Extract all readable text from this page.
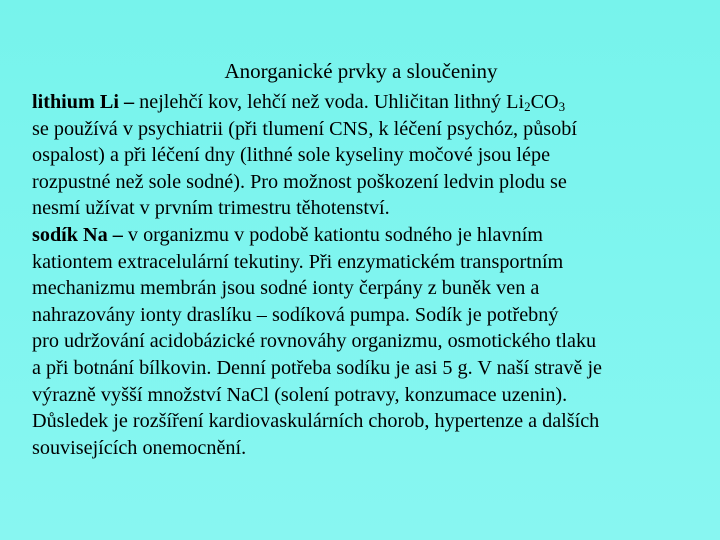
Anorganické prvky a sloučeniny
lithium Li – nejlehčí kov, lehčí než voda. Uhličitan lithný $Li_2CO_3$
se používá v psychiatrii (při tlumení CNS, k léčení psychóz, působí
ospalost) a při léčení dny (lithné sole kyseliny močové jsou lépe
rozpustné než sole sodné). Pro možnost poškození ledvin plodu se
nesmí užívat v prvním trimestru těhotenství.
sodík Na – v organizmu v podobě kationtu sodného je hlavním
kationtem extracelulární tekutiny. Při enzymatickém transportním
mechanizmu membrán jsou sodné ionty čerpány z buněk ven a
nahrazovány ionty draslíku – sodíková pumpa. Sodík je potřebný
pro udržování acidobázické rovnováhy organizmu, osmotického tlaku
a při botnání bílkovin. Denní potřeba sodíku je asi 5 g. V naší stravě je
výrazně vyšší množství NaCl (solení potravy, konzumace uzenin).
Důsledek je rozšíření kardiovaskulárních chorob, hypertenze a dalších
souvisejících onemocnění.
